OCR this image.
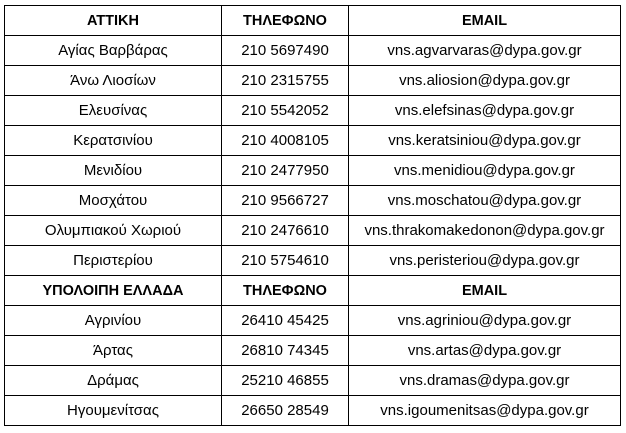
ΑΤΤΙΚΗ	ΤΗΛΕΦΩΝΟ	EMAIL
Αγίας Βαρβάρας	210 5697490	vns.agvarvaras@dypa.gov.gr
Άνω Λιοσίων	210 2315755	vns.aliosion@dypa.gov.gr
Ελευσίνας	210 5542052	vns.elefsinas@dypa.gov.gr
Κερατσινίου	210 4008105	vns.keratsiniou@dypa.gov.gr
Μενιδίου	210 2477950	vns.menidiou@dypa.gov.gr
Μοσχάτου	210 9566727	vns.moschatou@dypa.gov.gr
Ολυμπιακού Χωριού	210 2476610	vns.thrakomakedonon@dypa.gov.gr
Περιστερίου	210 5754610	vns.peristeriou@dypa.gov.gr
ΥΠΟΛΟΙΠΗ ΕΛΛΑΔΑ	ΤΗΛΕΦΩΝΟ	EMAIL
Αγρινίου	26410 45425	vns.agriniou@dypa.gov.gr
Άρτας	26810 74345	vns.artas@dypa.gov.gr
Δράμας	25210 46855	vns.dramas@dypa.gov.gr
Ηγουμενίτσας	26650 28549	vns.igoumenitsas@dypa.gov.gr
